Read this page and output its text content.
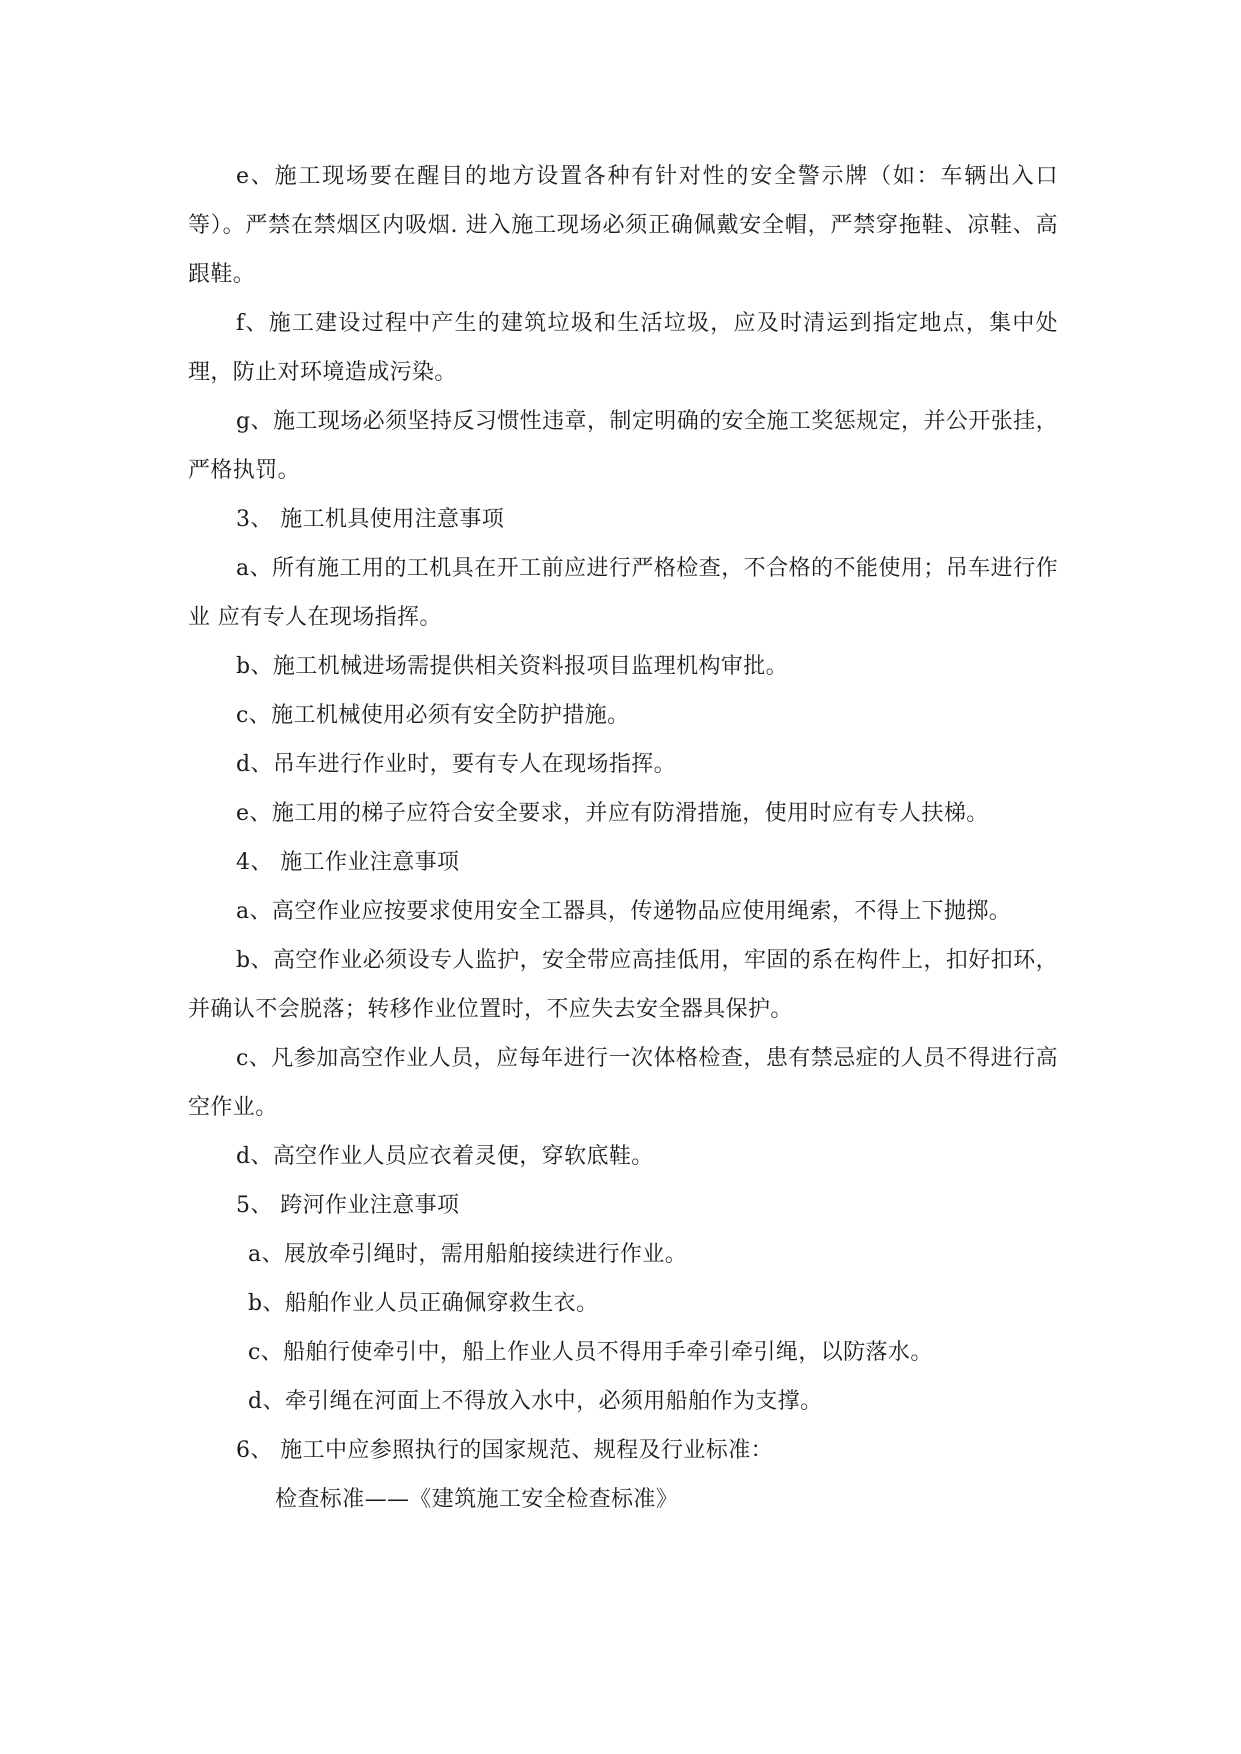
e、施工现场要在醒目的地方设置各种有针对性的安全警示牌（如：车辆出入口等）。严禁在禁烟区内吸烟. 进入施工现场必须正确佩戴安全帽，严禁穿拖鞋、凉鞋、高跟鞋。

f、施工建设过程中产生的建筑垃圾和生活垃圾，应及时清运到指定地点，集中处理，防止对环境造成污染。

g、施工现场必须坚持反习惯性违章，制定明确的安全施工奖惩规定，并公开张挂，严格执罚。

3、 施工机具使用注意事项

a、所有施工用的工机具在开工前应进行严格检查，不合格的不能使用；吊车进行作业 应有专人在现场指挥。

b、施工机械进场需提供相关资料报项目监理机构审批。

c、施工机械使用必须有安全防护措施。

d、吊车进行作业时，要有专人在现场指挥。

e、施工用的梯子应符合安全要求，并应有防滑措施，使用时应有专人扶梯。

4、 施工作业注意事项

a、高空作业应按要求使用安全工器具，传递物品应使用绳索，不得上下抛掷。

b、高空作业必须设专人监护，安全带应高挂低用，牢固的系在构件上，扣好扣环，并确认不会脱落；转移作业位置时，不应失去安全器具保护。

c、凡参加高空作业人员，应每年进行一次体格检查，患有禁忌症的人员不得进行高空作业。

d、高空作业人员应衣着灵便，穿软底鞋。

5、 跨河作业注意事项

a、展放牵引绳时，需用船舶接续进行作业。

b、船舶作业人员正确佩穿救生衣。

c、船舶行使牵引中，船上作业人员不得用手牵引牵引绳，以防落水。

d、牵引绳在河面上不得放入水中，必须用船舶作为支撑。

6、 施工中应参照执行的国家规范、规程及行业标准：

检查标准——《建筑施工安全检查标准》
